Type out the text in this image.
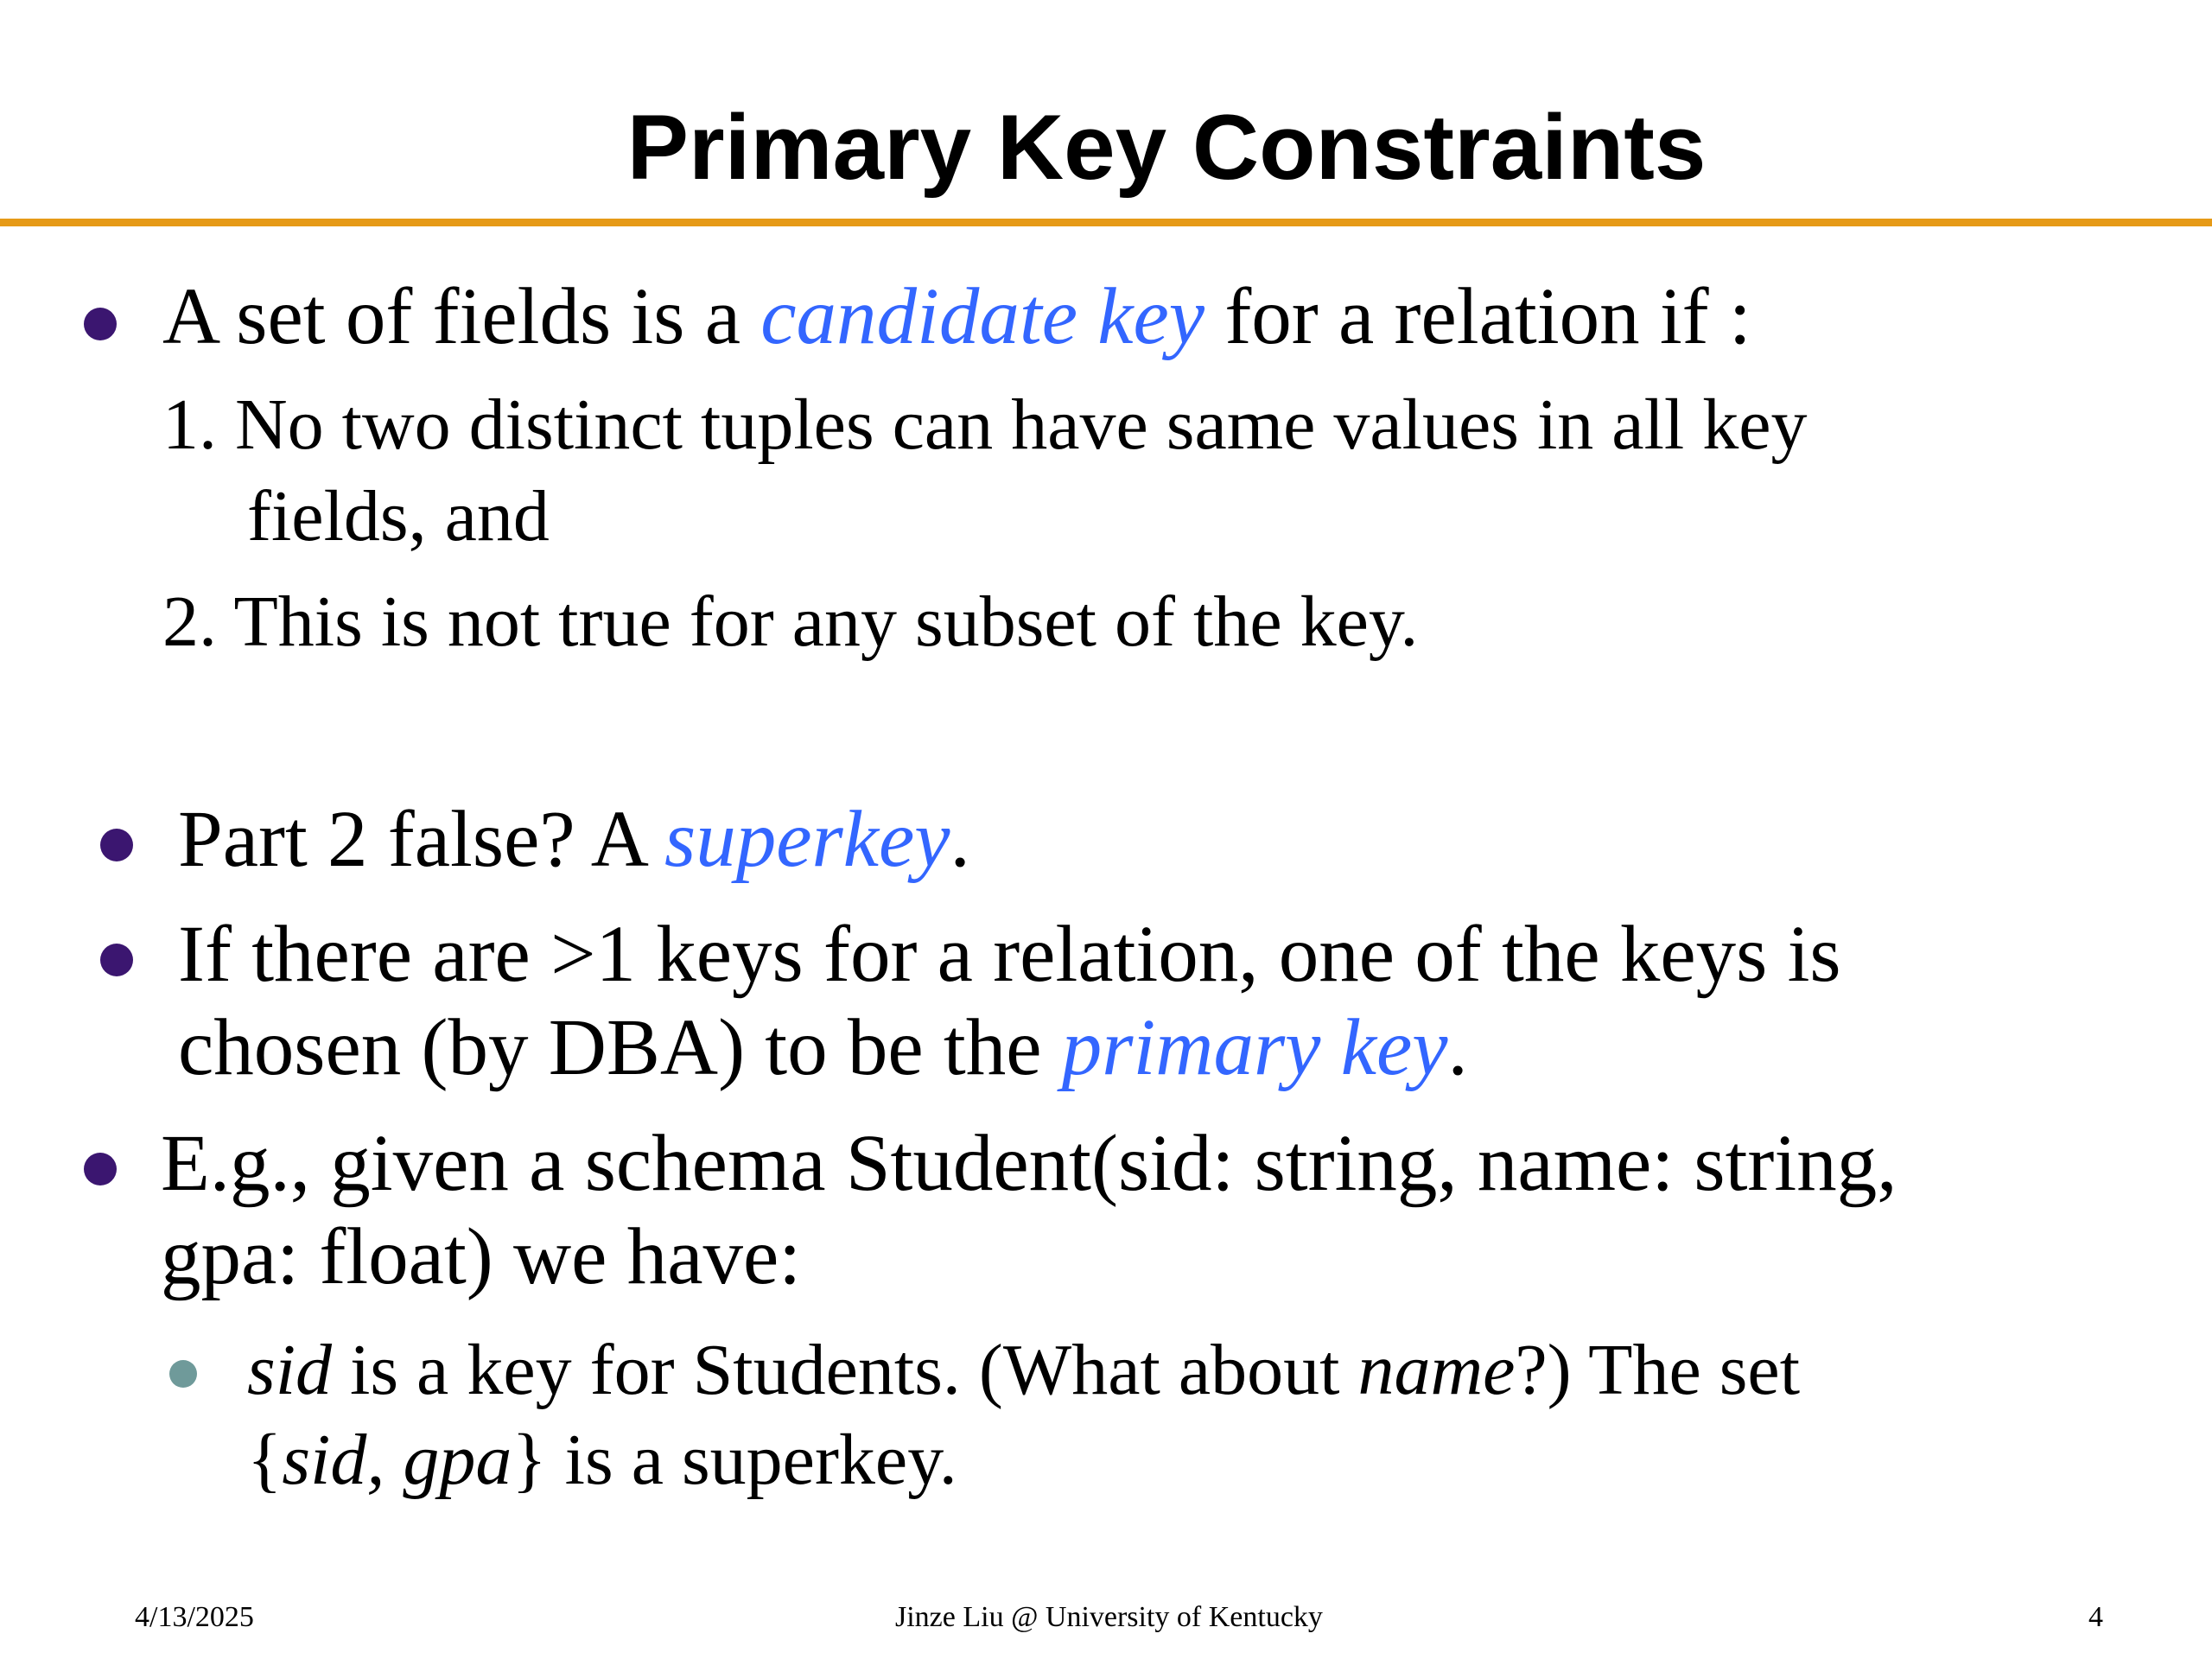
Primary Key Constraints
A set of fields is a candidate key for a relation if :
1. No two distinct tuples can have same values in all key
fields, and
2. This is not true for any subset of the key.
Part 2 false? A superkey.
If there are >1 keys for a relation, one of the keys is
chosen (by DBA) to be the primary key.
E.g., given a schema Student(sid: string, name: string,
gpa: float) we have:
sid is a key for Students. (What about name?) The set
{sid, gpa} is a superkey.
4/13/2025	Jinze Liu @ University of Kentucky	4
